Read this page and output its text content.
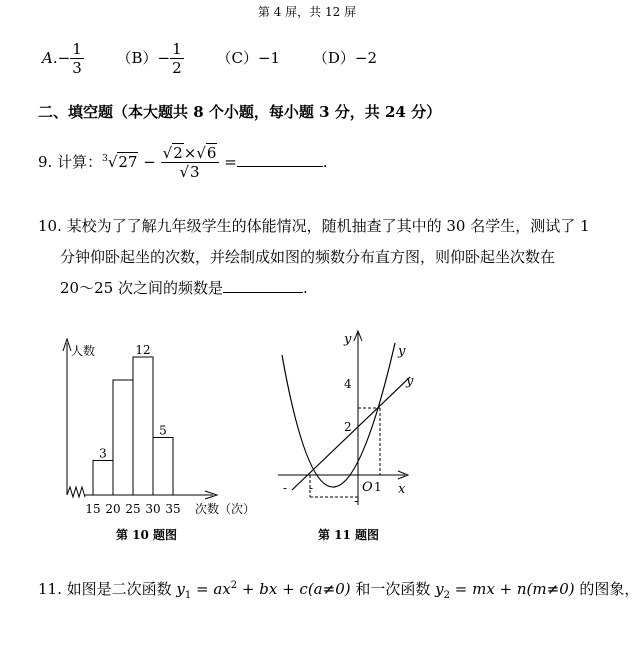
第 4 屏，共 12 屏
$A.- \frac{1}{3} (B)- \frac{1}{2} (C)-1$ （D）−2
二、填空题（本大题共 8 个小题，每小题 3 分，共 24 分）
9. 计算：$^3√27 - \frac{√2\times√6}{√3}$ =	.
10. 某校为了了解九年级学生的体能情况，随机抽查了其中的 30 名学生，测试了 1
分钟仰卧起坐的次数，并绘制成如图的频数分布直方图，则仰卧起坐次数在
20～25 次之间的频数是	.
人数
次数（次）
3
12
5
15 20 25 30 35
第 10 题图
y
x
O
4
2
1
- -
-
y
y
第 11 题图
11. 如图是二次函数 $y_1 = ax^2$ + bx + c(a≠0) 和一次函数 $y_2$ = mx + n(m≠0) 的图象，
